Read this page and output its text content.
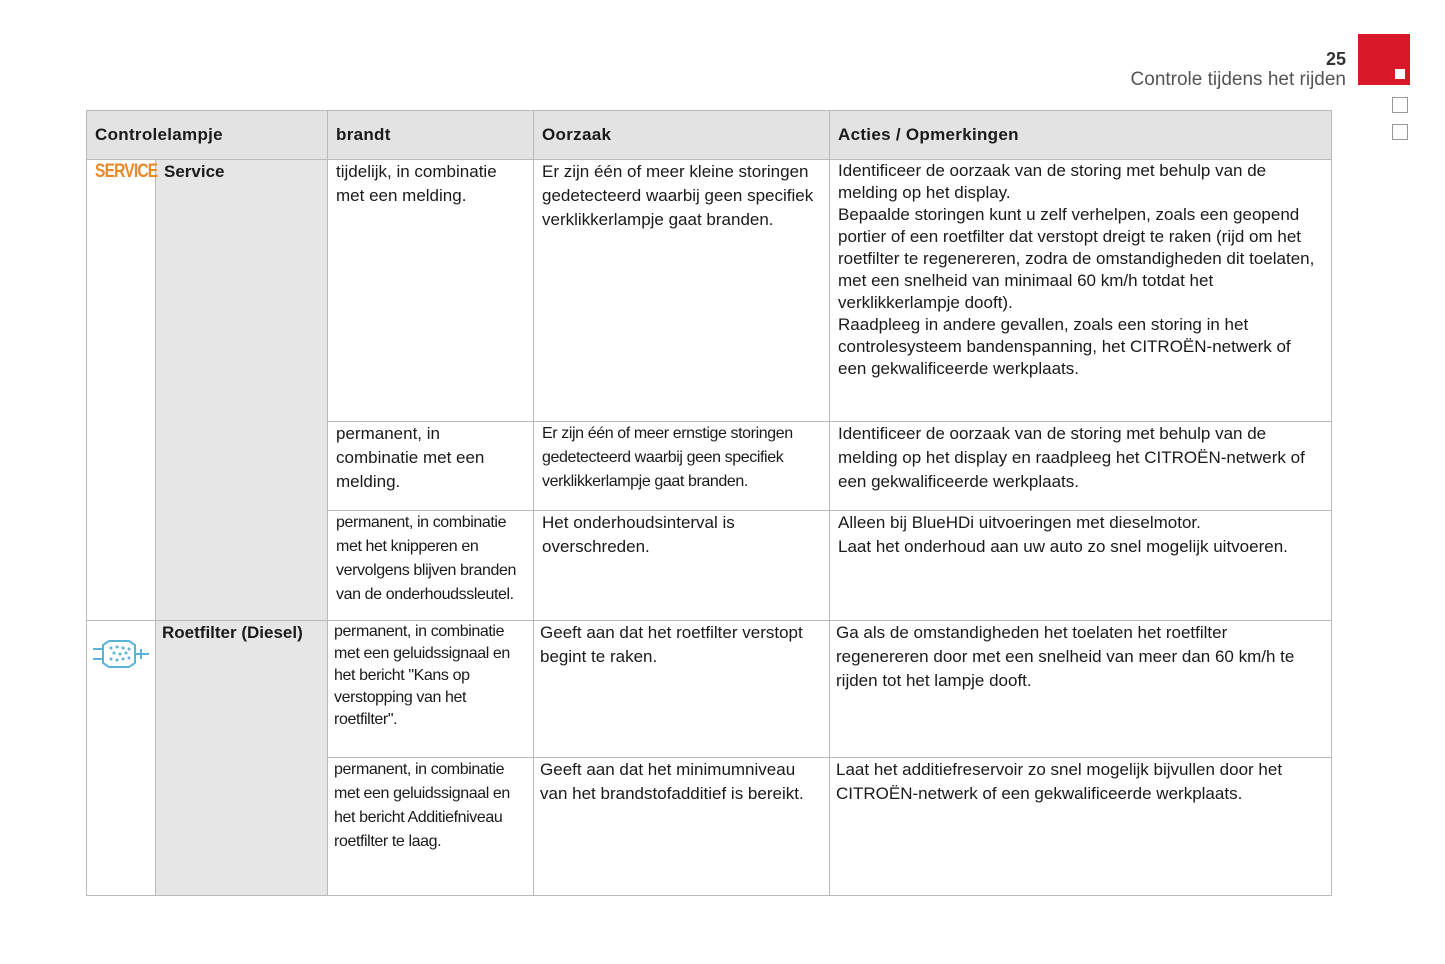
25
Controle tijdens het rijden
Controlelampje		brandt	Oorzaak	Acties / Opmerkingen
SERVICE	Service	tijdelijk, in combinatie met een melding.	Er zijn één of meer kleine storingen gedetecteerd waarbij geen specifiek verklikkerlampje gaat branden.	Identificeer de oorzaak van de storing met behulp van de melding op het display.

Bepaalde storingen kunt u zelf verhelpen, zoals een geopend portier of een roetfilter dat verstopt dreigt te raken (rijd om het roetfilter te regenereren, zodra de omstandigheden dit toelaten, met een snelheid van minimaal 60 km/h totdat het verklikkerlampje dooft).

Raadpleeg in andere gevallen, zoals een storing in het controlesysteem bandenspanning, het CITROËN-netwerk of een gekwalificeerde werkplaats.

		permanent, in combinatie met een melding.	Er zijn één of meer ernstige storingen gedetecteerd waarbij geen specifiek verklikkerlampje gaat branden.	Identificeer de oorzaak van de storing met behulp van de melding op het display en raadpleeg het CITROËN-netwerk of een gekwalificeerde werkplaats.

		permanent, in combinatie met het knipperen en vervolgens blijven branden van de onderhoudssleutel.	Het onderhoudsinterval is overschreden.	Alleen bij BlueHDi uitvoeringen met dieselmotor.

Laat het onderhoud aan uw auto zo snel mogelijk uitvoeren.

	Roetfilter (Diesel)	permanent, in combinatie met een geluidssignaal en het bericht "Kans op verstopping van het roetfilter".	Geeft aan dat het roetfilter verstopt begint te raken.	Ga als de omstandigheden het toelaten het roetfilter regenereren door met een snelheid van meer dan 60 km/h te rijden tot het lampje dooft.

		permanent, in combinatie met een geluidssignaal en het bericht Additiefniveau roetfilter te laag.	Geeft aan dat het minimumniveau van het brandstofadditief is bereikt.	Laat het additiefreservoir zo snel mogelijk bijvullen door het CITROËN-netwerk of een gekwalificeerde werkplaats.
